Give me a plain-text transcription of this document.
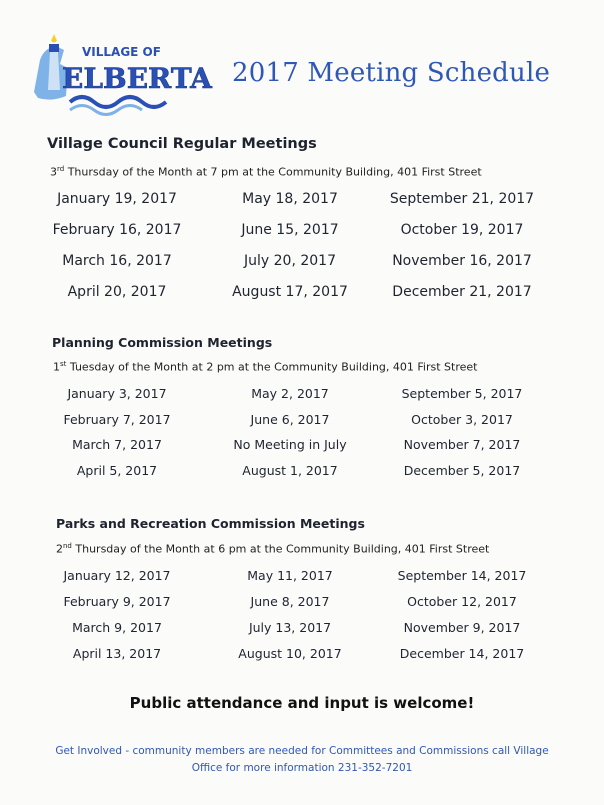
VILLAGE OF
ELBERTA 2017 Meeting Schedule
Village Council Regular Meetings
3rd Thursday of the Month at 7 pm at the Community Building, 401 First Street
January 19, 2017	May 18, 2017	September 21, 2017
February 16, 2017	June 15, 2017	October 19, 2017
March 16, 2017	July 20, 2017	November 16, 2017
April 20, 2017	August 17, 2017	December 21, 2017
Planning Commission Meetings
1st Tuesday of the Month at 2 pm at the Community Building, 401 First Street
January 3, 2017	May 2, 2017	September 5, 2017
February 7, 2017	June 6, 2017	October 3, 2017
March 7, 2017	No Meeting in July	November 7, 2017
April 5, 2017	August 1, 2017	December 5, 2017
Parks and Recreation Commission Meetings
2nd Thursday of the Month at 6 pm at the Community Building, 401 First Street
January 12, 2017	May 11, 2017	September 14, 2017
February 9, 2017	June 8, 2017	October 12, 2017
March 9, 2017	July 13, 2017	November 9, 2017
April 13, 2017	August 10, 2017	December 14, 2017
Public attendance and input is welcome!
Get Involved - community members are needed for Committees and Commissions call Village
Office for more information 231-352-7201
